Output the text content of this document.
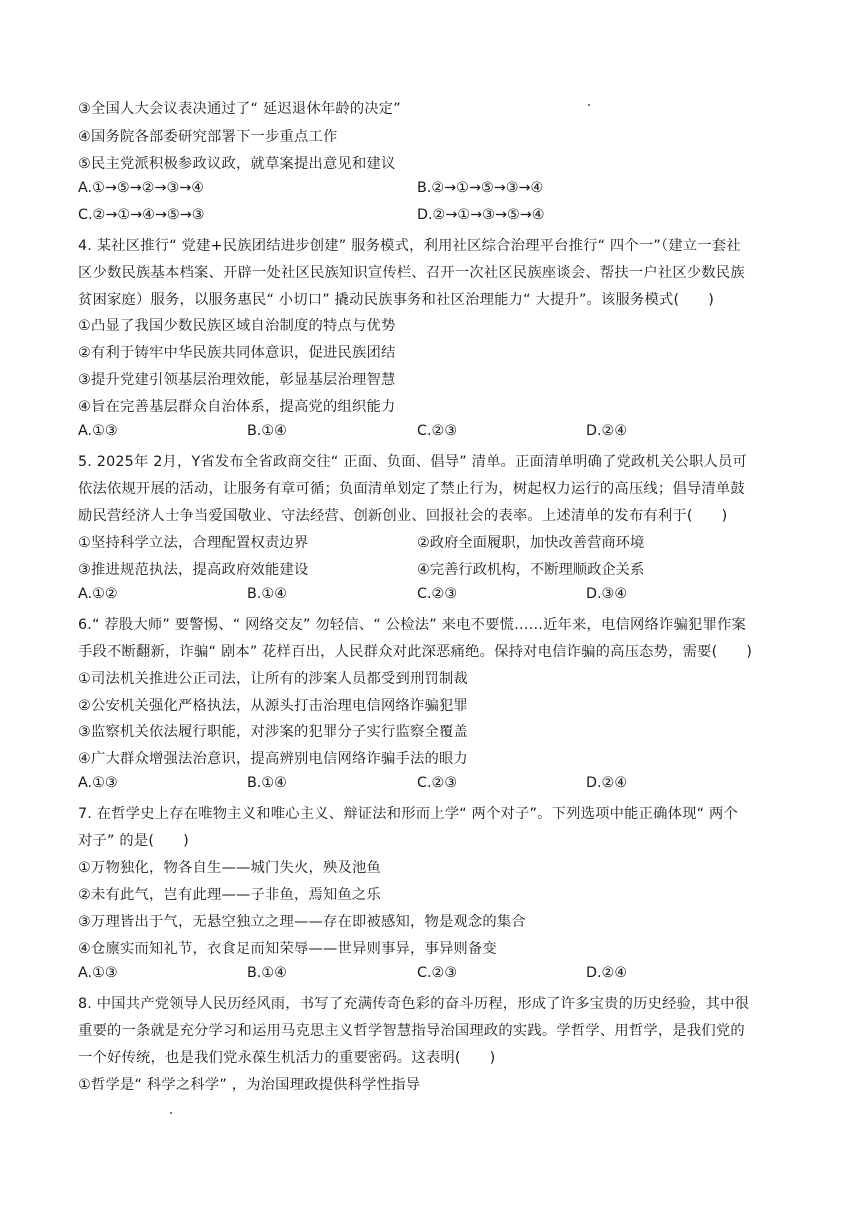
③全国人大会议表决通过了“ 延迟退休年龄的决定”
④国务院各部委研究部署下一步重点工作
⑤民主党派积极参政议政，就草案提出意见和建议
A.①→⑤→②→③→④	B.②→①→⑤→③→④
C.②→①→④→⑤→③	D.②→①→③→⑤→④
4. 某社区推行“ 党建+民族团结进步创建” 服务模式，利用社区综合治理平台推行“ 四个一”（建立一套社
区少数民族基本档案、开辟一处社区民族知识宣传栏、召开一次社区民族座谈会、帮扶一户社区少数民族
贫困家庭）服务，以服务惠民“ 小切口” 撬动民族事务和社区治理能力“ 大提升”。该服务模式(　　)
①凸显了我国少数民族区域自治制度的特点与优势
②有利于铸牢中华民族共同体意识，促进民族团结
③提升党建引领基层治理效能，彰显基层治理智慧
④旨在完善基层群众自治体系，提高党的组织能力
A.①③	B.①④	C.②③	D.②④
5. 2025年 2月，Y省发布全省政商交往“ 正面、负面、倡导” 清单。正面清单明确了党政机关公职人员可
依法依规开展的活动，让服务有章可循；负面清单划定了禁止行为，树起权力运行的高压线；倡导清单鼓
励民营经济人士争当爱国敬业、守法经营、创新创业、回报社会的表率。上述清单的发布有利于(　　)
①坚持科学立法，合理配置权责边界	②政府全面履职，加快改善营商环境
③推进规范执法，提高政府效能建设	④完善行政机构，不断理顺政企关系
A.①②	B.①④	C.②③	D.③④
6.“ 荐股大师” 要警惕、“ 网络交友” 勿轻信、“ 公检法” 来电不要慌……近年来，电信网络诈骗犯罪作案
手段不断翻新，诈骗“ 剧本” 花样百出，人民群众对此深恶痛绝。保持对电信诈骗的高压态势，需要(　　)
①司法机关推进公正司法，让所有的涉案人员都受到刑罚制裁
②公安机关强化严格执法，从源头打击治理电信网络诈骗犯罪
③监察机关依法履行职能，对涉案的犯罪分子实行监察全覆盖
④广大群众增强法治意识，提高辨别电信网络诈骗手法的眼力
A.①③	B.①④	C.②③	D.②④
7. 在哲学史上存在唯物主义和唯心主义、辩证法和形而上学“ 两个对子”。下列选项中能正确体现“ 两个
对子” 的是(　　)
①万物独化，物各自生——城门失火，殃及池鱼
②未有此气，岂有此理——子非鱼，焉知鱼之乐
③万理皆出于气，无悬空独立之理——存在即被感知，物是观念的集合
④仓廪实而知礼节，衣食足而知荣辱——世异则事异，事异则备变
A.①③	B.①④	C.②③	D.②④
8. 中国共产党领导人民历经风雨，书写了充满传奇色彩的奋斗历程，形成了许多宝贵的历史经验，其中很
重要的一条就是充分学习和运用马克思主义哲学智慧指导治国理政的实践。学哲学、用哲学，是我们党的
一个好传统，也是我们党永葆生机活力的重要密码。这表明(　　)
①哲学是“ 科学之科学” ，为治国理政提供科学性指导
